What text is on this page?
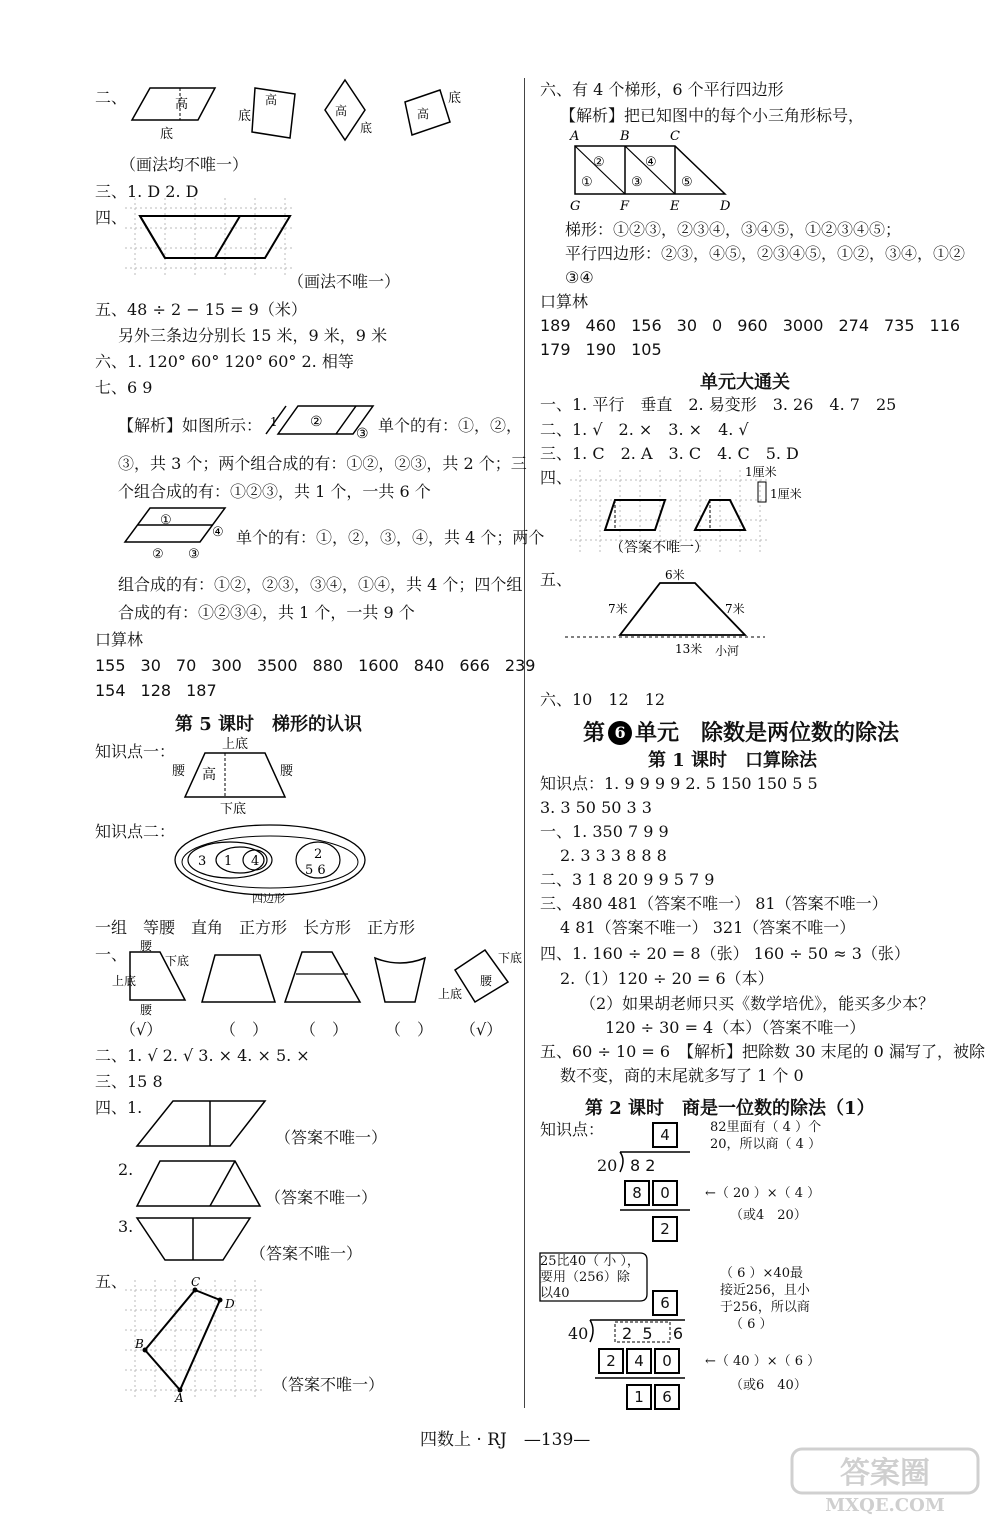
二、	高
底
底
高
高
底
高
底
（画法均不唯一）
三、1. D 2. D
四、
（画法不唯一）
五、48 ÷ 2 − 15 = 9（米）
另外三条边分别长 15 米，9 米，9 米
六、1. 120° 60° 120° 60° 2. 相等
七、6 9
【解析】如图所示： 1 ②
③ 单个的有：①，②，
③，共 3 个；两个组合成的有：①②，②③，共 2 个；三
个组合成的有：①②③，共 1 个，一共 6 个
①
④
② ③
单个的有：①，②，③，④，共 4 个；两个
组合成的有：①②，②③，③④，①④，共 4 个；四个组
合成的有：①②③④，共 1 个，一共 9 个
口算林
155 30 70 300 3500 880 1600 840 666 239
154 128 187
第 5 课时　梯形的认识
知识点一：	上底
腰 高	腰
下底
知识点二：
3 1 4	2
5 6
四边形
一组　等腰　直角　正方形　长方形　正方形
一、 腰
上底
下底
腰
上底
腰
下底
（√）	（　） （　） （　） （√）
二、1. √ 2. √ 3. × 4. × 5. ×
三、15 8
四、1.
（答案不唯一）
2.
（答案不唯一）
3.
（答案不唯一）
五、	C
D
B
A
（答案不唯一）
六、有 4 个梯形，6 个平行四边形
【解析】把已知图中的每个小三角形标号，
A	B	C
②	④
①	③	⑤
G	F	E	D
梯形：①②③，②③④，③④⑤，①②③④⑤；
平行四边形：②③，④⑤，②③④⑤，①②，③④，①②
③④
口算林
189 460 156 30 0 960 3000 274 735 116
179 190 105
单元大通关
一、1. 平行　垂直　2. 易变形　3. 26　4. 7　25
二、1. √　2. ×　3. ×　4. √
三、1. C　2. A　3. C　4. C　5. D
四、	1厘米
1厘米
（答案不唯一）
五、	6米
7米	7米
13米 小河
六、10　12　12
第 6 单元　除数是两位数的除法
第 1 课时　口算除法
知识点：1. 9 9 9 9 2. 5 150 150 5 5
3. 3 50 50 3 3
一、1. 350 7 9 9
2. 3 3 3 8 8 8
二、3 1 8 20 9 9 5 7 9
三、480 481（答案不唯一） 81（答案不唯一）
4 81（答案不唯一） 321（答案不唯一）
四、1. 160 ÷ 20 = 8（张） 160 ÷ 50 ≈ 3（张）
2.（1）120 ÷ 20 = 6（本）
（2）如果胡老师只买《数学培优》，能买多少本？
120 ÷ 30 = 4（本）（答案不唯一）
五、60 ÷ 10 = 6　【解析】把除数 30 末尾的 0 漏写了，被除
数不变，商的末尾就多写了 1 个 0
第 2 课时　商是一位数的除法（1）
知识点：	4	82里面有（ 4 ）个
20，所以商（ 4 ）
20 8 2
8 0	←（ 20 ）×（ 4 ）
（或4　20）
2
25比40（ 小 ），
要用（256）除
以40
（ 6 ）×40最
接近256，且小
于256，所以商
（ 6 ）
6
40 2 5 6
2 4 0	←（ 40 ）×（ 6 ）
（或6　40）
1 6
四数上 · RJ　—139—
答案圈
MXQE.COM
